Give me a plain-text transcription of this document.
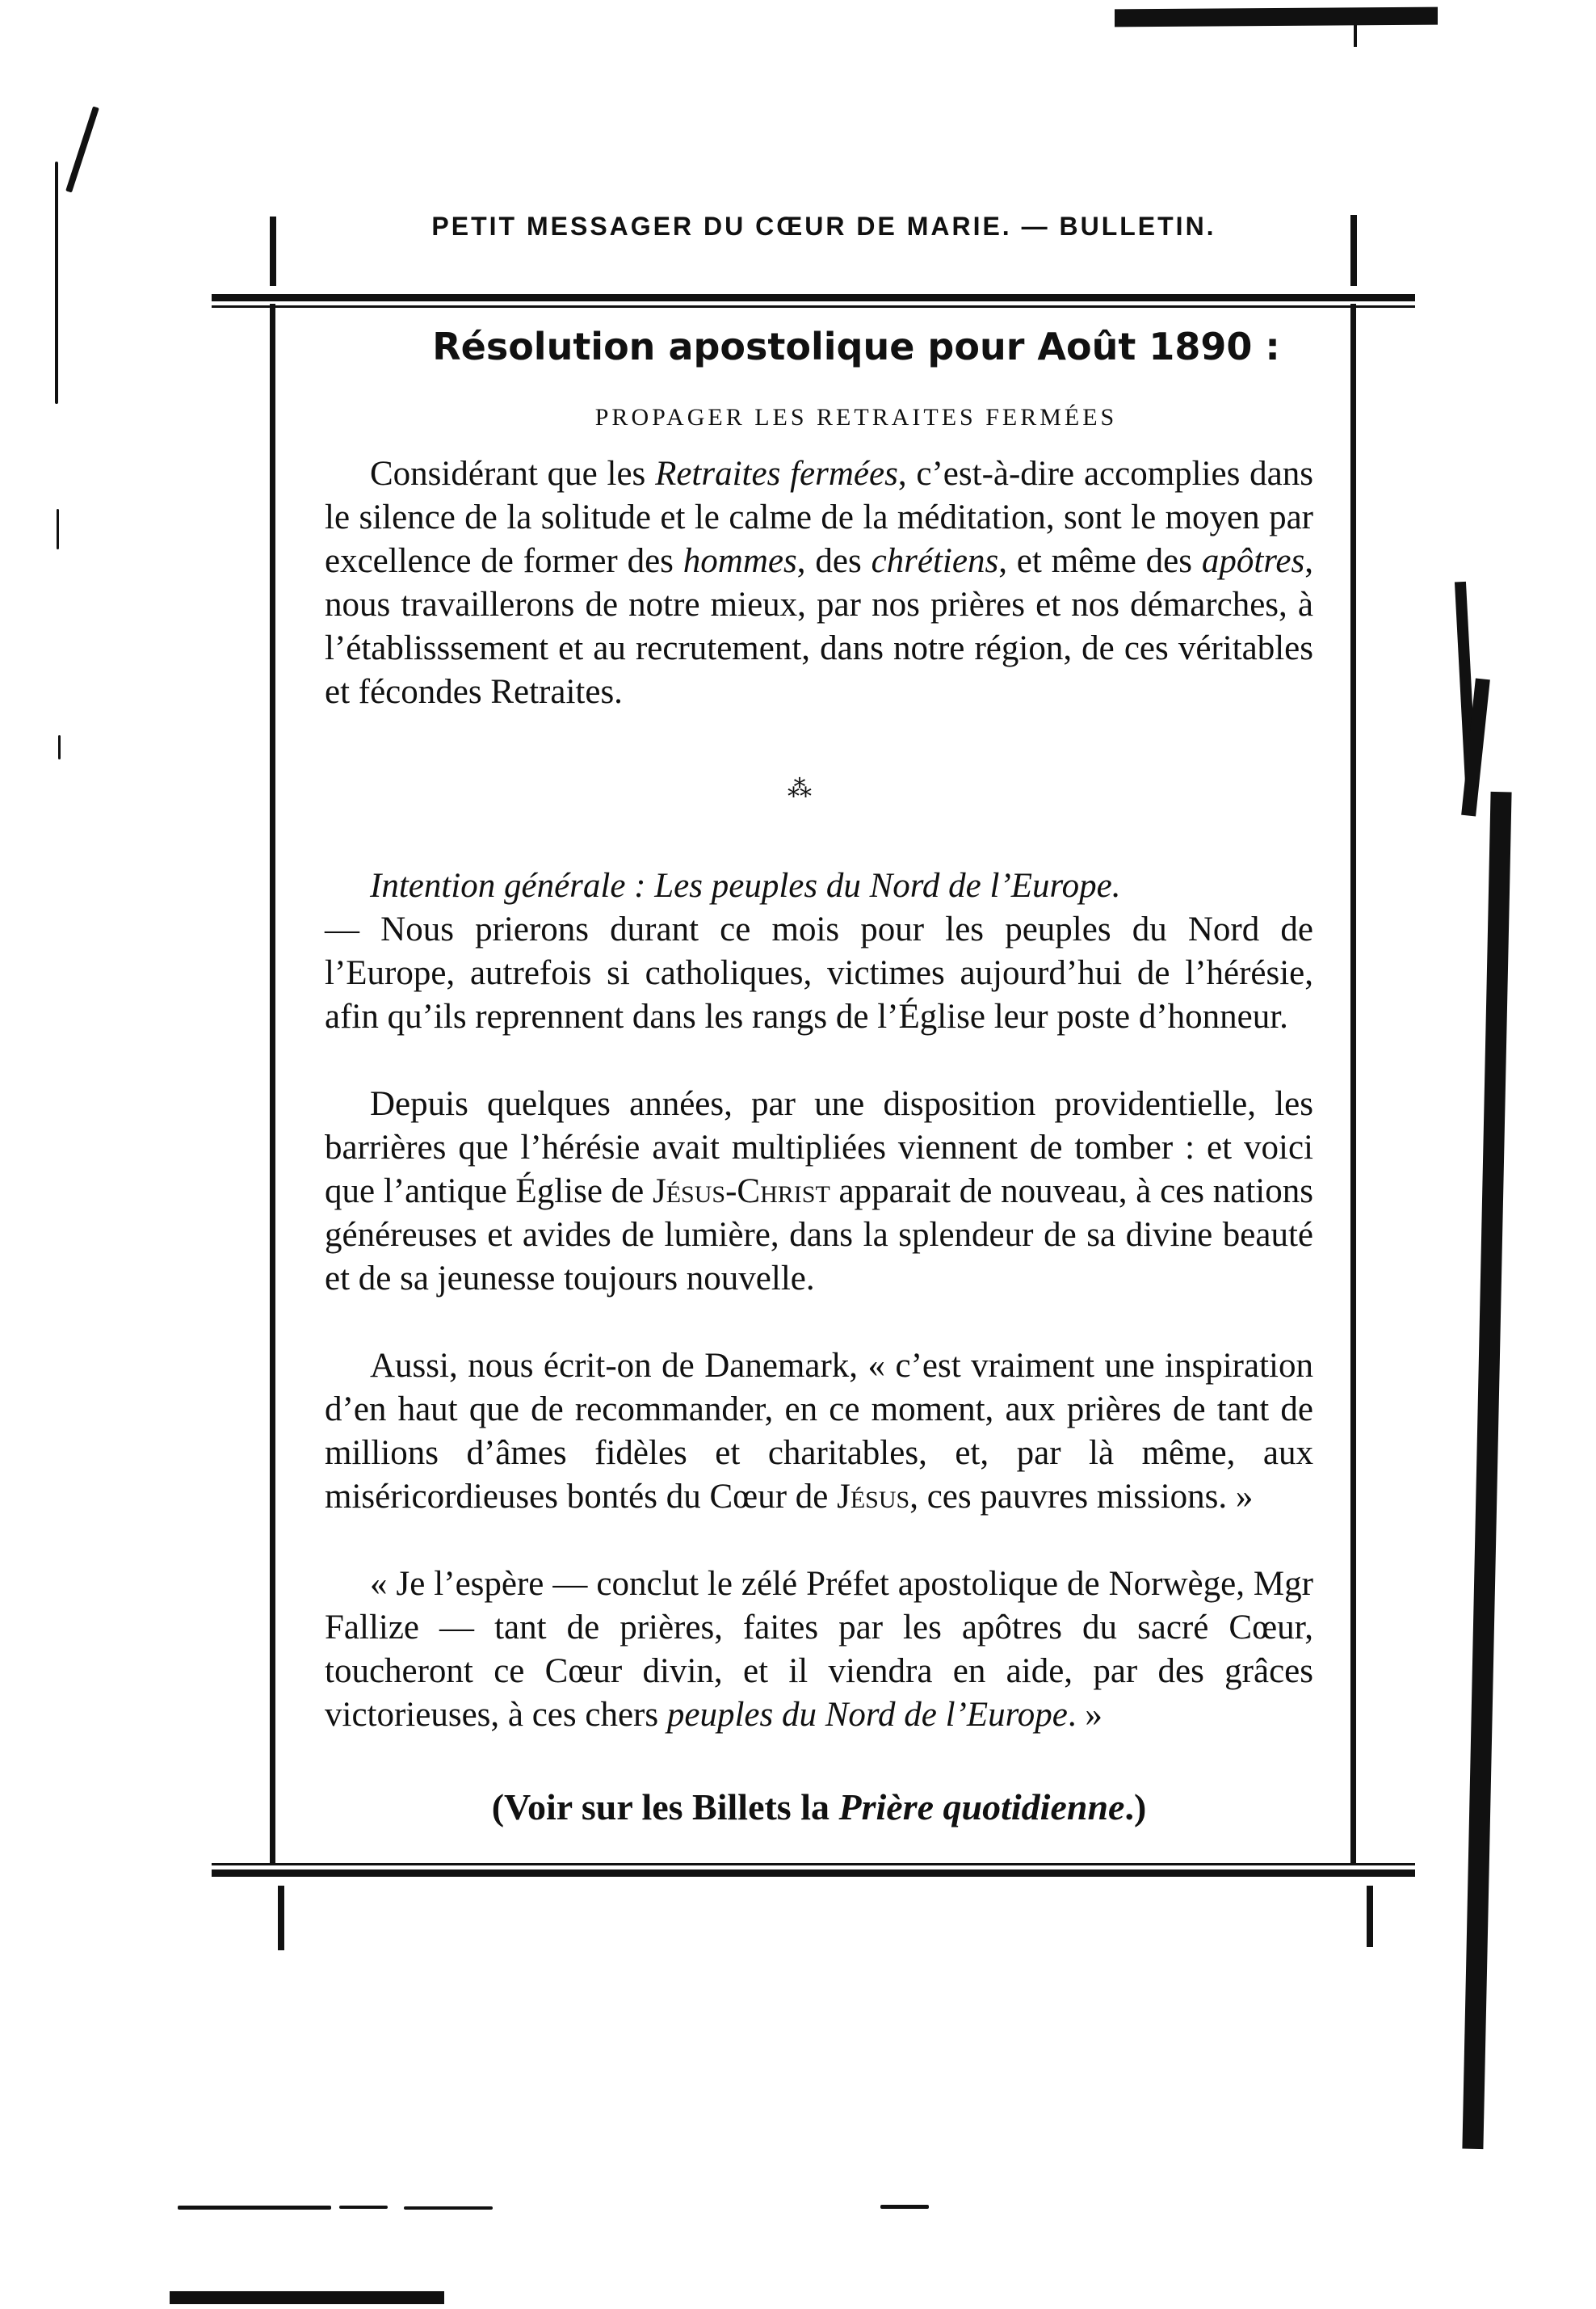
PETIT MESSAGER DU CŒUR DE MARIE. — BULLETIN.
Résolution apostolique pour Août 1890 :
PROPAGER LES RETRAITES FERMÉES
Considérant que les Retraites fermées, c’est-à-dire accomplies dans le silence de la solitude et le calme de la méditation, sont le moyen par excellence de former des hommes, des chrétiens, et même des apôtres, nous travaillerons de notre mieux, par nos prières et nos démarches, à l’établisssement et au recrutement, dans notre région, de ces véritables et fécondes Retraites.
⁂
Intention générale : Les peuples du Nord de l’Europe.
— Nous prierons durant ce mois pour les peuples du Nord de l’Europe, autrefois si catholiques, victimes aujourd’hui de l’hérésie, afin qu’ils reprennent dans les rangs de l’Église leur poste d’honneur.
Depuis quelques années, par une disposition providentielle, les barrières que l’hérésie avait multipliées viennent de tomber : et voici que l’antique Église de Jésus-Christ apparait de nouveau, à ces nations généreuses et avides de lumière, dans la splendeur de sa divine beauté et de sa jeunesse toujours nouvelle.
Aussi, nous écrit-on de Danemark, « c’est vraiment une inspiration d’en haut que de recommander, en ce moment, aux prières de tant de millions d’âmes fidèles et charitables, et, par là même, aux miséricordieuses bontés du Cœur de Jésus, ces pauvres missions. »
« Je l’espère — conclut le zélé Préfet apostolique de Norwège, Mgr Fallize — tant de prières, faites par les apôtres du sacré Cœur, toucheront ce Cœur divin, et il viendra en aide, par des grâces victorieuses, à ces chers peuples du Nord de l’Europe. »
(Voir sur les Billets la Prière quotidienne.)
